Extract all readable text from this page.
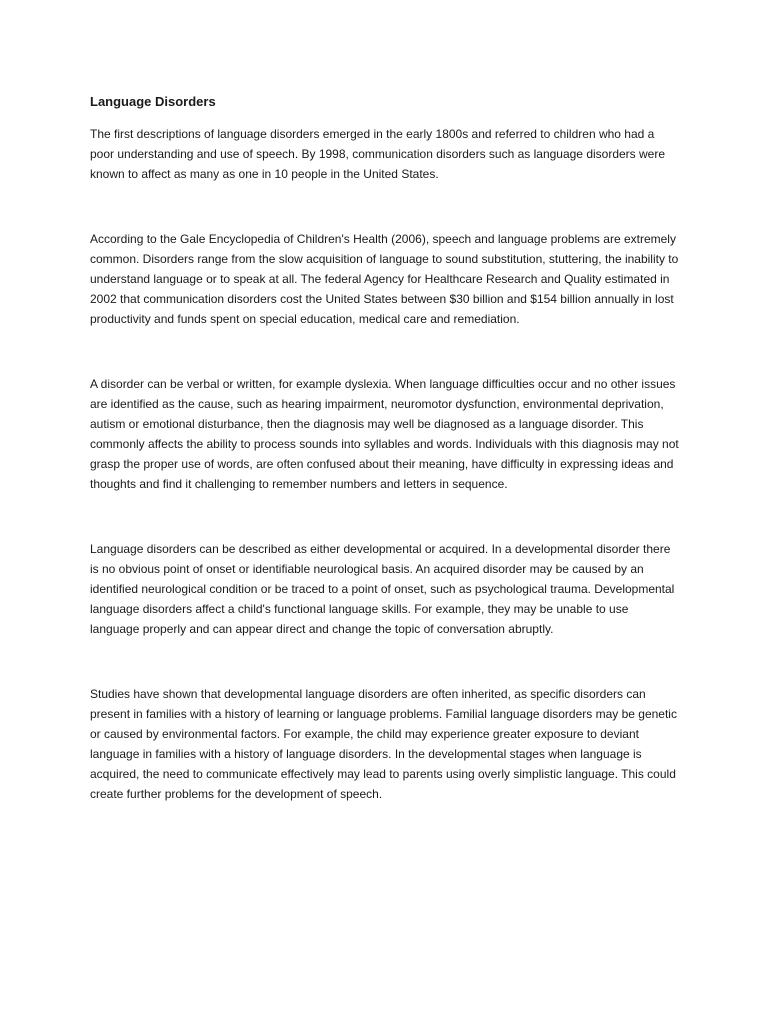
Language Disorders

The first descriptions of language disorders emerged in the early 1800s and referred to children who had a poor understanding and use of speech. By 1998, communication disorders such as language disorders were known to affect as many as one in 10 people in the United States.

According to the Gale Encyclopedia of Children's Health (2006), speech and language problems are extremely common. Disorders range from the slow acquisition of language to sound substitution, stuttering, the inability to understand language or to speak at all. The federal Agency for Healthcare Research and Quality estimated in 2002 that communication disorders cost the United States between $30 billion and $154 billion annually in lost productivity and funds spent on special education, medical care and remediation.

A disorder can be verbal or written, for example dyslexia. When language difficulties occur and no other issues are identified as the cause, such as hearing impairment, neuromotor dysfunction, environmental deprivation, autism or emotional disturbance, then the diagnosis may well be diagnosed as a language disorder. This commonly affects the ability to process sounds into syllables and words. Individuals with this diagnosis may not grasp the proper use of words, are often confused about their meaning, have difficulty in expressing ideas and thoughts and find it challenging to remember numbers and letters in sequence.

Language disorders can be described as either developmental or acquired. In a developmental disorder there is no obvious point of onset or identifiable neurological basis. An acquired disorder may be caused by an identified neurological condition or be traced to a point of onset, such as psychological trauma. Developmental language disorders affect a child's functional language skills. For example, they may be unable to use language properly and can appear direct and change the topic of conversation abruptly.

Studies have shown that developmental language disorders are often inherited, as specific disorders can present in families with a history of learning or language problems. Familial language disorders may be genetic or caused by environmental factors. For example, the child may experience greater exposure to deviant language in families with a history of language disorders. In the developmental stages when language is acquired, the need to communicate effectively may lead to parents using overly simplistic language. This could create further problems for the development of speech.
